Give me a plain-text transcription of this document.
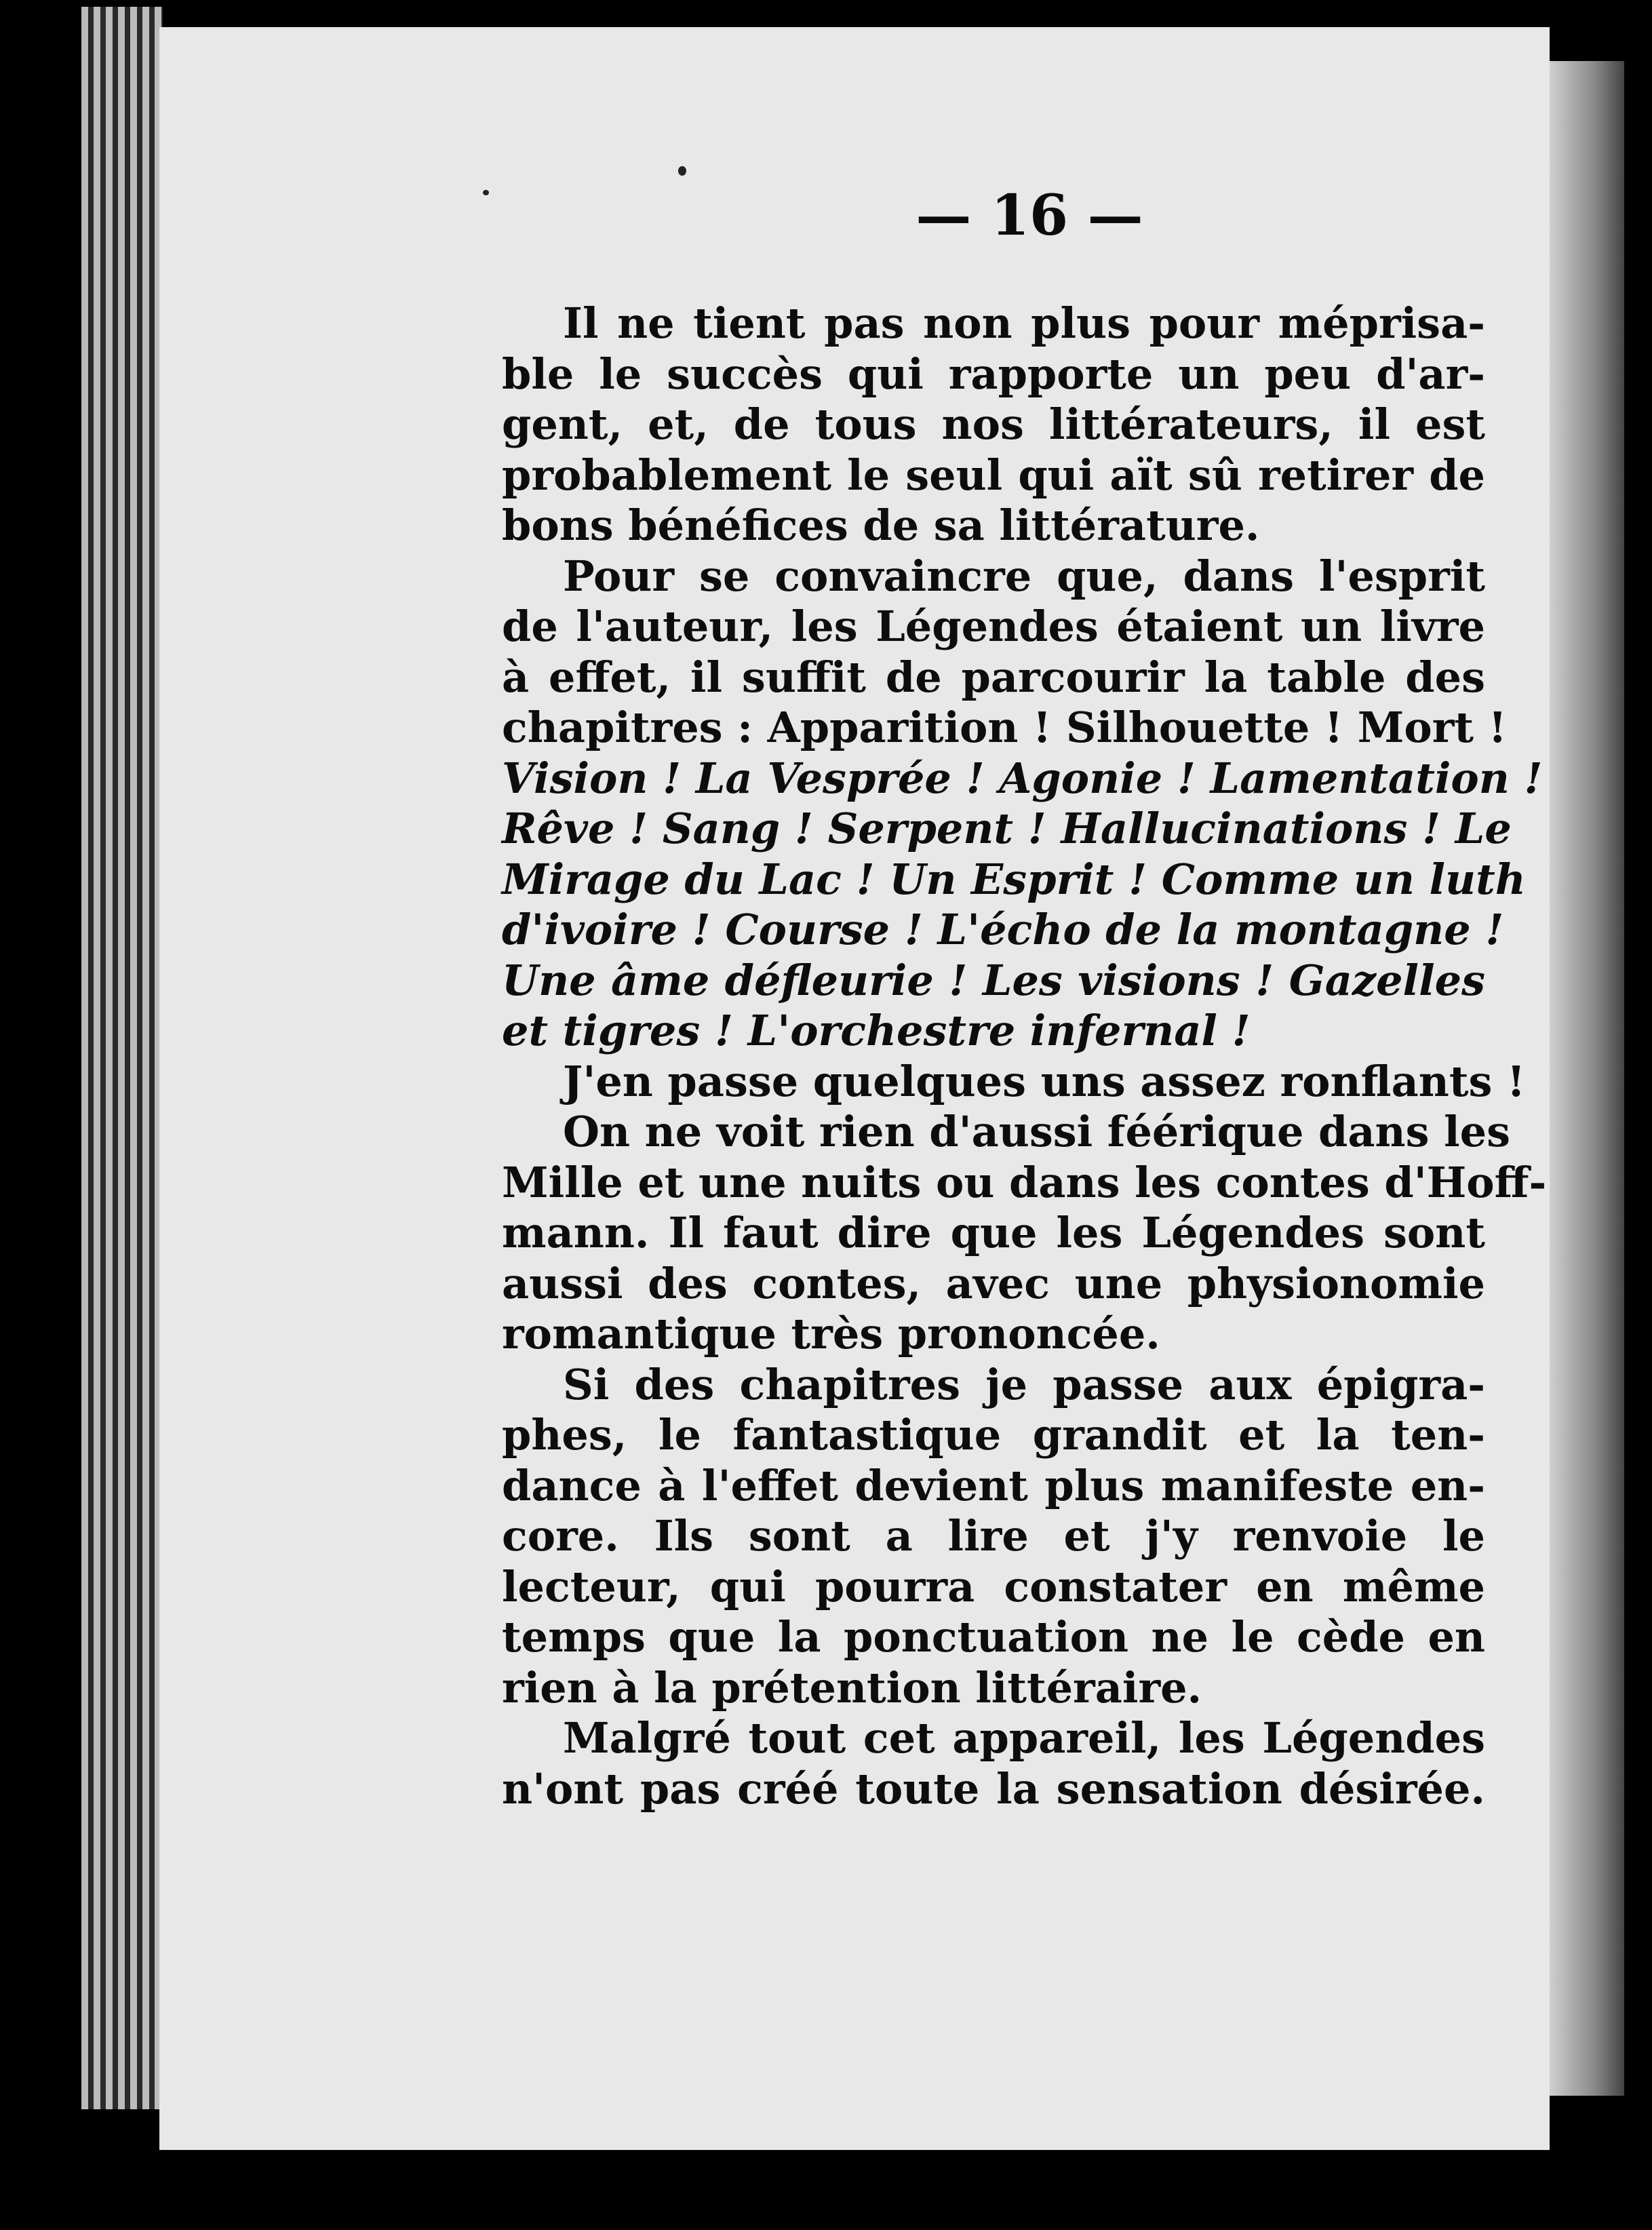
— 16 —
Il ne tient pas non plus pour méprisa-
ble le succès qui rapporte un peu d'ar-
gent, et, de tous nos littérateurs, il est
probablement le seul qui aït sû retirer de
bons bénéfices de sa littérature.
Pour se convaincre que, dans l'esprit
de l'auteur, les Légendes étaient un livre
à effet, il suffit de parcourir la table des
chapitres : Apparition ! Silhouette ! Mort !
Vision ! La Vesprée ! Agonie ! Lamentation !
Rêve ! Sang ! Serpent ! Hallucinations ! Le
Mirage du Lac ! Un Esprit ! Comme un luth
d'ivoire ! Course ! L'écho de la montagne !
Une âme défleurie ! Les visions ! Gazelles
et tigres ! L'orchestre infernal !
J'en passe quelques uns assez ronflants !
On ne voit rien d'aussi féérique dans les
Mille et une nuits ou dans les contes d'Hoff-
mann. Il faut dire que les Légendes sont
aussi des contes, avec une physionomie
romantique très prononcée.
Si des chapitres je passe aux épigra-
phes, le fantastique grandit et la ten-
dance à l'effet devient plus manifeste en-
core. Ils sont a lire et j'y renvoie le
lecteur, qui pourra constater en même
temps que la ponctuation ne le cède en
rien à la prétention littéraire.
Malgré tout cet appareil, les Légendes
n'ont pas créé toute la sensation désirée.
